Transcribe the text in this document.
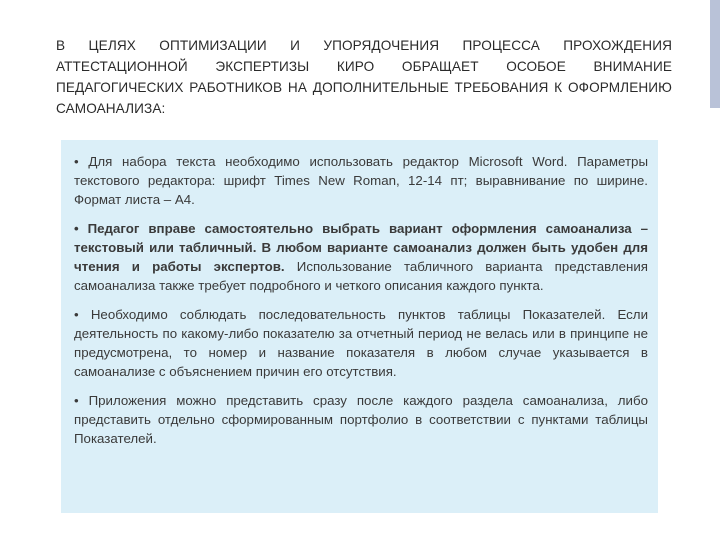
В ЦЕЛЯХ ОПТИМИЗАЦИИ И УПОРЯДОЧЕНИЯ ПРОЦЕССА ПРОХОЖДЕНИЯ АТТЕСТАЦИОННОЙ ЭКСПЕРТИЗЫ КИРО ОБРАЩАЕТ ОСОБОЕ ВНИМАНИЕ ПЕДАГОГИЧЕСКИХ РАБОТНИКОВ НА ДОПОЛНИТЕЛЬНЫЕ ТРЕБОВАНИЯ К ОФОРМЛЕНИЮ САМОАНАЛИЗА:

• Для набора текста необходимо использовать редактор Microsoft Word. Параметры текстового редактора: шрифт Times New Roman, 12-14 пт; выравнивание по ширине. Формат листа – А4.

• Педагог вправе самостоятельно выбрать вариант оформления самоанализа – текстовый или табличный. В любом варианте самоанализ должен быть удобен для чтения и работы экспертов. Использование табличного варианта представления самоанализа также требует подробного и четкого описания каждого пункта.

• Необходимо соблюдать последовательность пунктов таблицы Показателей. Если деятельность по какому-либо показателю за отчетный период не велась или в принципе не предусмотрена, то номер и название показателя в любом случае указывается в самоанализе с объяснением причин его отсутствия.

• Приложения можно представить сразу после каждого раздела самоанализа, либо представить отдельно сформированным портфолио в соответствии с пунктами таблицы Показателей.
